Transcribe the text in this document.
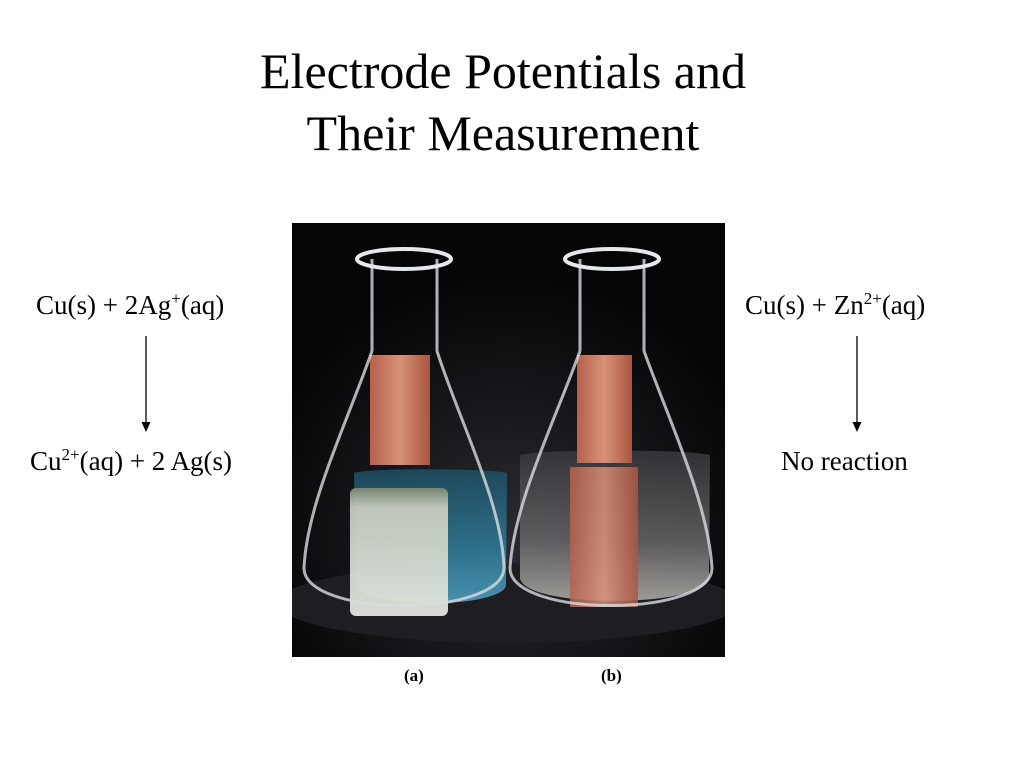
Electrode Potentials and
Their Measurement
Cu(s) + 2Ag+(aq)
$Cu^{2+}(aq) + 2$ Ag(s)
$Cu(s) + Zn^{2+}(aq)$
No reaction
(a)	(b)
